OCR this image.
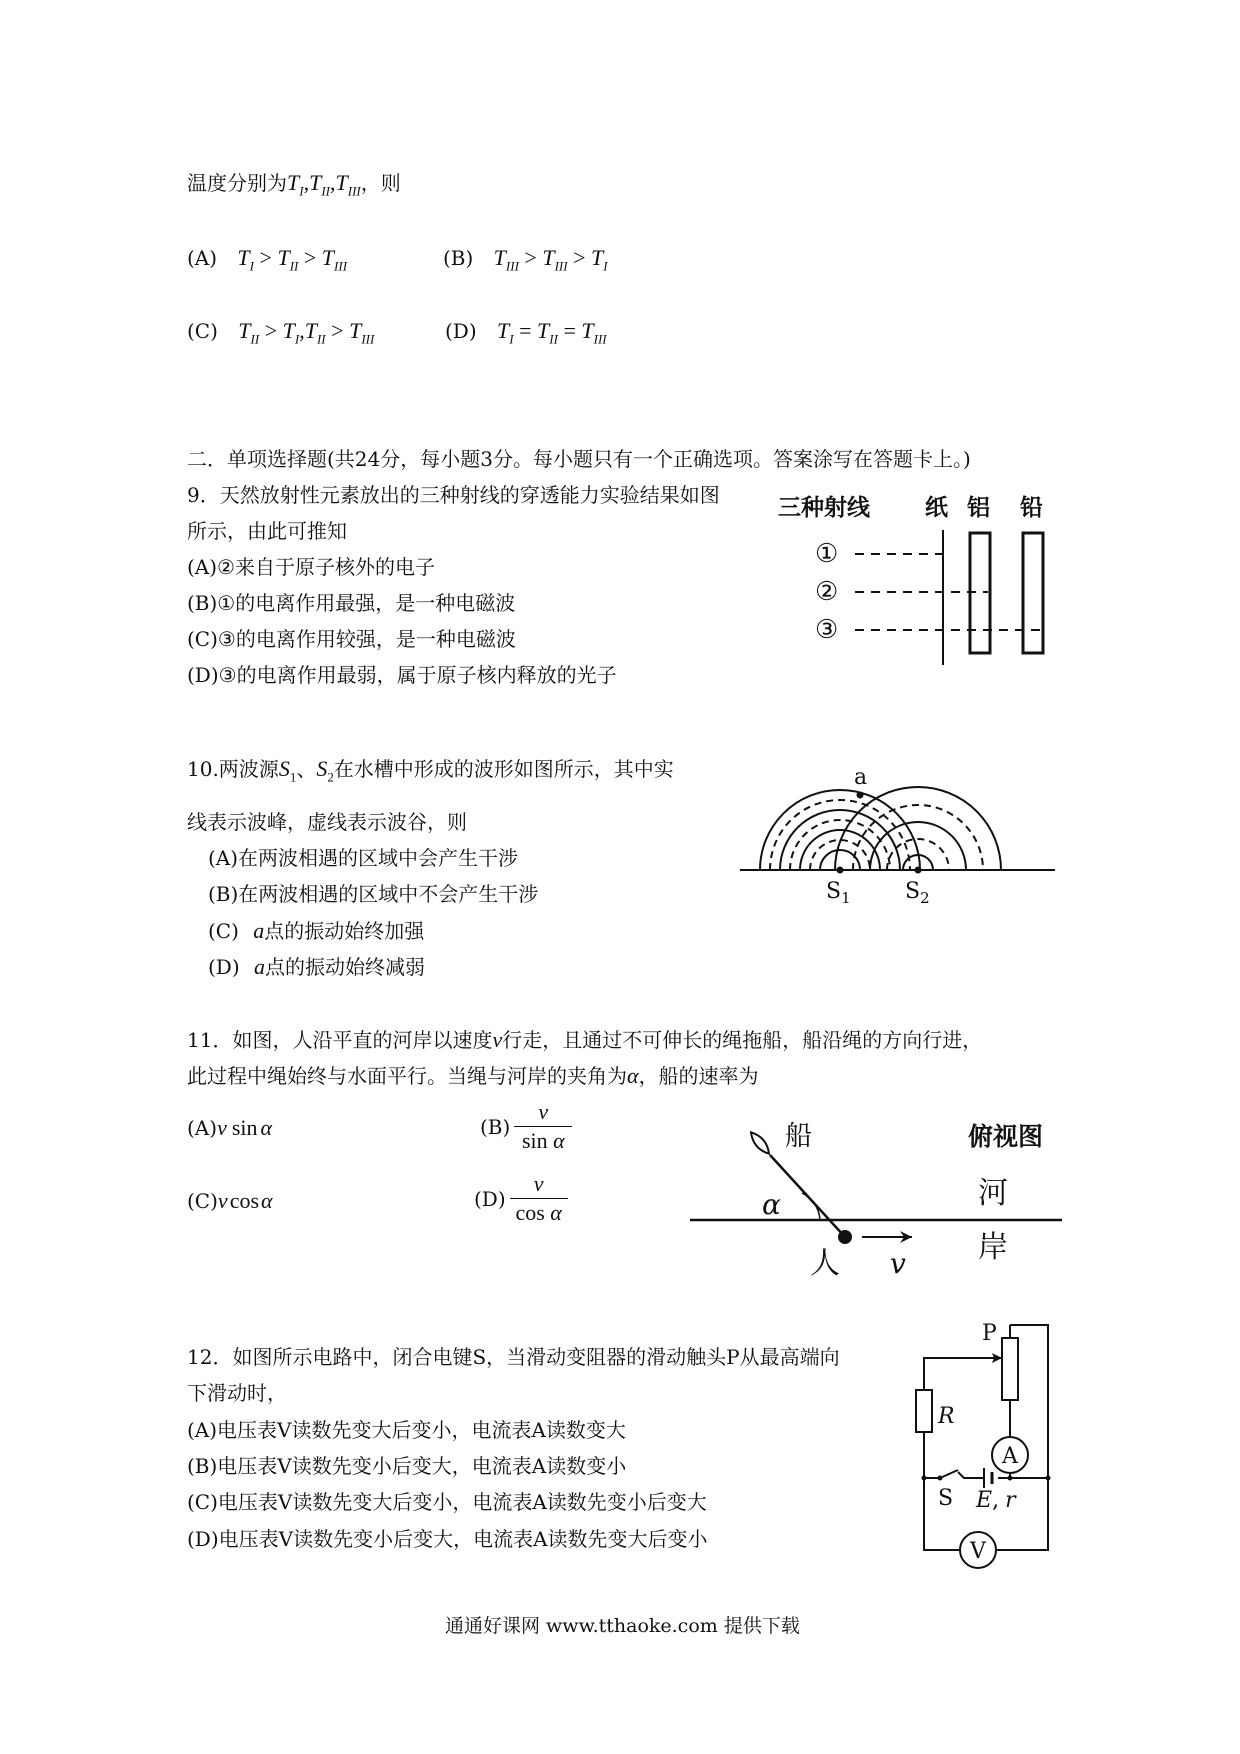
温度分别为$T_I,T_{II},T_{III}$，则
(A) $T_I > T_{II} > T_{III}$	(B) $T_{III} > T_{III} > T_I$
(C) $T_{II} > T_I,T_{II} > T_{III}$	(D) $T_I = T_{II} = T_{III}$
二．单项选择题(共24分，每小题3分。每小题只有一个正确选项。答案涂写在答题卡上。)
9．天然放射性元素放出的三种射线的穿透能力实验结果如图
所示，由此可推知
(A)②来自于原子核外的电子
(B)①的电离作用最强，是一种电磁波
(C)③的电离作用较强，是一种电磁波
(D)③的电离作用最弱，属于原子核内释放的光子
三种射线 纸 铝 铅
①
②
③
10.两波源$S_1$、$S_2$在水槽中形成的波形如图所示，其中实
线表示波峰，虚线表示波谷，则
(A)在两波相遇的区域中会产生干涉
(B)在两波相遇的区域中不会产生干涉
(C) a点的振动始终加强
(D) a点的振动始终减弱
a
$S_1$ $S_2$
11．如图，人沿平直的河岸以速度v行走，且通过不可伸长的绳拖船，船沿绳的方向行进，
此过程中绳始终与水面平行。当绳与河岸的夹角为α，船的速率为
(A)v sin α	$(B) \frac{v}{\text{sin α}}$
(C)vcosα	$(D) \frac{v}{\text{cos α}}$
船	俯视图
河
岸
α
人 v
12．如图所示电路中，闭合电键S，当滑动变阻器的滑动触头P从最高端向
下滑动时，
(A)电压表V读数先变大后变小，电流表A读数变大
(B)电压表V读数先变小后变大，电流表A读数变小
(C)电压表V读数先变大后变小，电流表A读数先变小后变大
(D)电压表V读数先变小后变大，电流表A读数先变大后变小
P
R
A
S E, r
V
通通好课网 www.tthaoke.com 提供下载
